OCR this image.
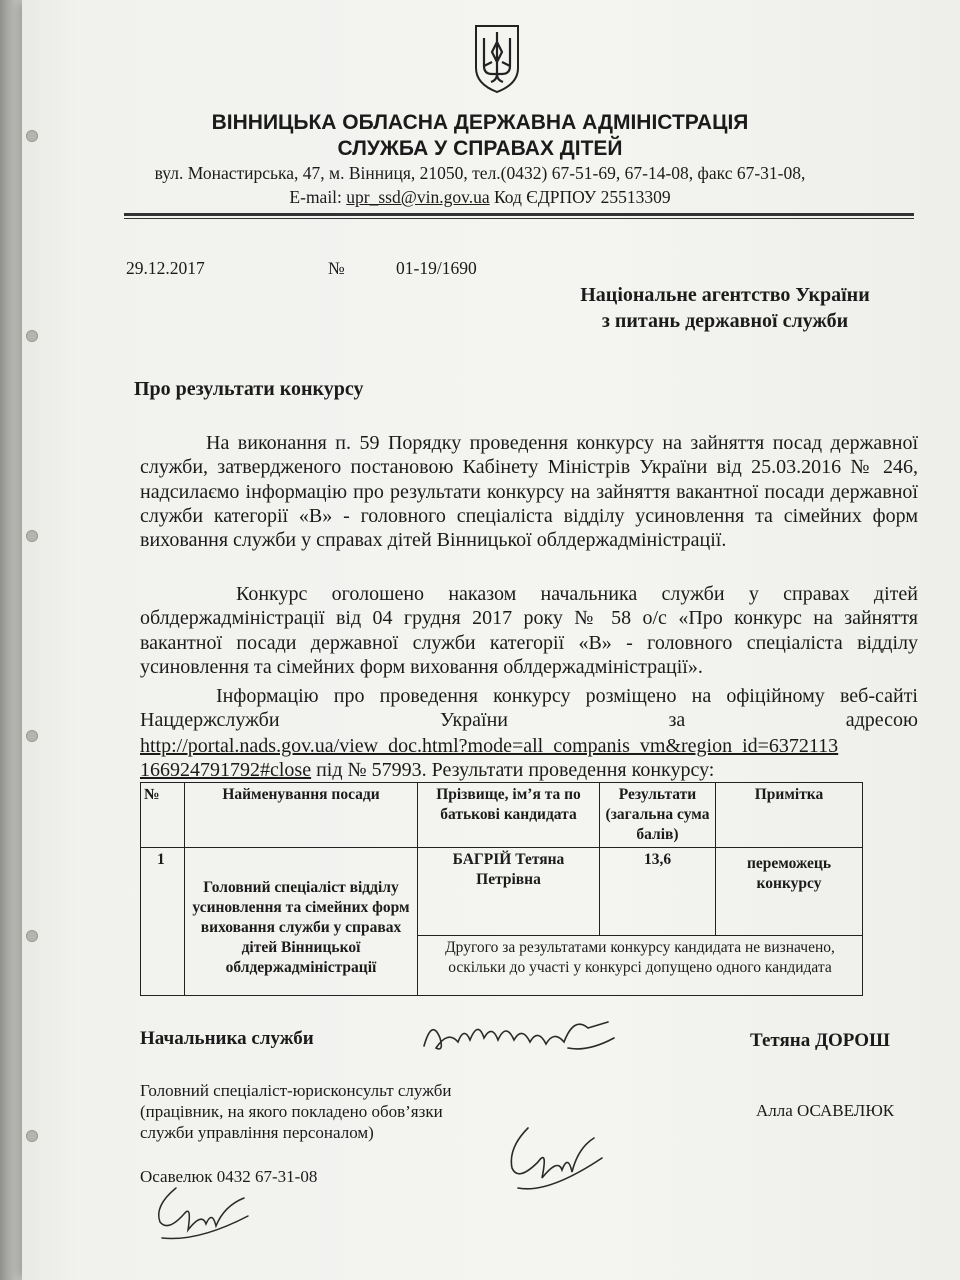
ВІННИЦЬКА ОБЛАСНА ДЕРЖАВНА АДМІНІСТРАЦІЯ
СЛУЖБА У СПРАВАХ ДІТЕЙ
вул. Монастирська, 47, м. Вінниця, 21050, тел.(0432) 67-51-69, 67-14-08, факс 67-31-08,
E-mail: upr_ssd@vin.gov.ua Код ЄДРПОУ 25513309
29.12.2017	№	01-19/1690
Національне агентство України
з питань державної служби
Про результати конкурсу
На виконання п. 59 Порядку проведення конкурсу на зайняття посад державної служби, затвердженого постановою Кабінету Міністрів України від 25.03.2016 № 246, надсилаємо інформацію про результати конкурсу на зайняття вакантної посади державної служби категорії «В» - головного спеціаліста відділу усиновлення та сімейних форм виховання служби у справах дітей Вінницької облдержадміністрації.
Конкурс оголошено наказом начальника служби у справах дітей облдержадміністрації від 04 грудня 2017 року № 58 о/с «Про конкурс на зайняття вакантної посади державної служби категорії «В» - головного спеціаліста відділу усиновлення та сімейних форм виховання облдержадміністрації».
Інформацію про проведення конкурсу розміщено на офіційному веб-сайті Нацдержслужби України за адресою
http://portal.nads.gov.ua/view_doc.html?mode=all_companis_vm&region_id=6372113
166924791792#close під № 57993. Результати проведення конкурсу:
№	Найменування посади	Прізвище, ім’я та по батькові кандидата	Результати (загальна сума балів)	Примітка
1	Головний спеціаліст відділу усиновлення та сімейних форм виховання служби у справах дітей Вінницької облдержадміністрації	БАГРІЙ Тетяна Петрівна	13,6	переможець конкурсу
		Другого за результатами конкурсу кандидата не визначено, оскільки до участі у конкурсі допущено одного кандидата		
Начальника служби	Тетяна ДОРОШ
Головний спеціаліст-юрисконсульт служби
(працівник, на якого покладено обов’язки
служби управління персоналом)
Алла ОСАВЕЛЮК
Осавелюк 0432 67-31-08
